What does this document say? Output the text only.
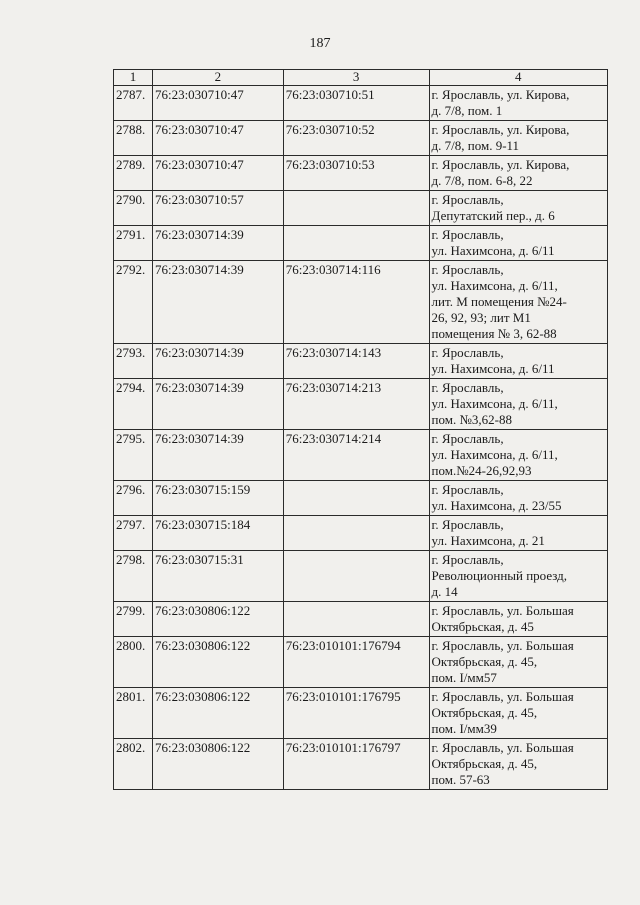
187
1	2	3	4
2787.	76:23:030710:47	76:23:030710:51	г. Ярославль, ул. Кирова,
д. 7/8, пом. 1
2788.	76:23:030710:47	76:23:030710:52	г. Ярославль, ул. Кирова,
д. 7/8, пом. 9-11
2789.	76:23:030710:47	76:23:030710:53	г. Ярославль, ул. Кирова,
д. 7/8, пом. 6-8, 22
2790.	76:23:030710:57		г. Ярославль,
Депутатский пер., д. 6
2791.	76:23:030714:39		г. Ярославль,
ул. Нахимсона, д. 6/11
2792.	76:23:030714:39	76:23:030714:116	г. Ярославль,
ул. Нахимсона, д. 6/11,
лит. М помещения №24-
26, 92, 93; лит М1
помещения № 3, 62-88
2793.	76:23:030714:39	76:23:030714:143	г. Ярославль,
ул. Нахимсона, д. 6/11
2794.	76:23:030714:39	76:23:030714:213	г. Ярославль,
ул. Нахимсона, д. 6/11,
пом. №3,62-88
2795.	76:23:030714:39	76:23:030714:214	г. Ярославль,
ул. Нахимсона, д. 6/11,
пом.№24-26,92,93
2796.	76:23:030715:159		г. Ярославль,
ул. Нахимсона, д. 23/55
2797.	76:23:030715:184		г. Ярославль,
ул. Нахимсона, д. 21
2798.	76:23:030715:31		г. Ярославль,
Революционный проезд,
д. 14
2799.	76:23:030806:122		г. Ярославль, ул. Большая
Октябрьская, д. 45
2800.	76:23:030806:122	76:23:010101:176794	г. Ярославль, ул. Большая
Октябрьская, д. 45,
пом. I/мм57
2801.	76:23:030806:122	76:23:010101:176795	г. Ярославль, ул. Большая
Октябрьская, д. 45,
пом. I/мм39
2802.	76:23:030806:122	76:23:010101:176797	г. Ярославль, ул. Большая
Октябрьская, д. 45,
пом. 57-63
